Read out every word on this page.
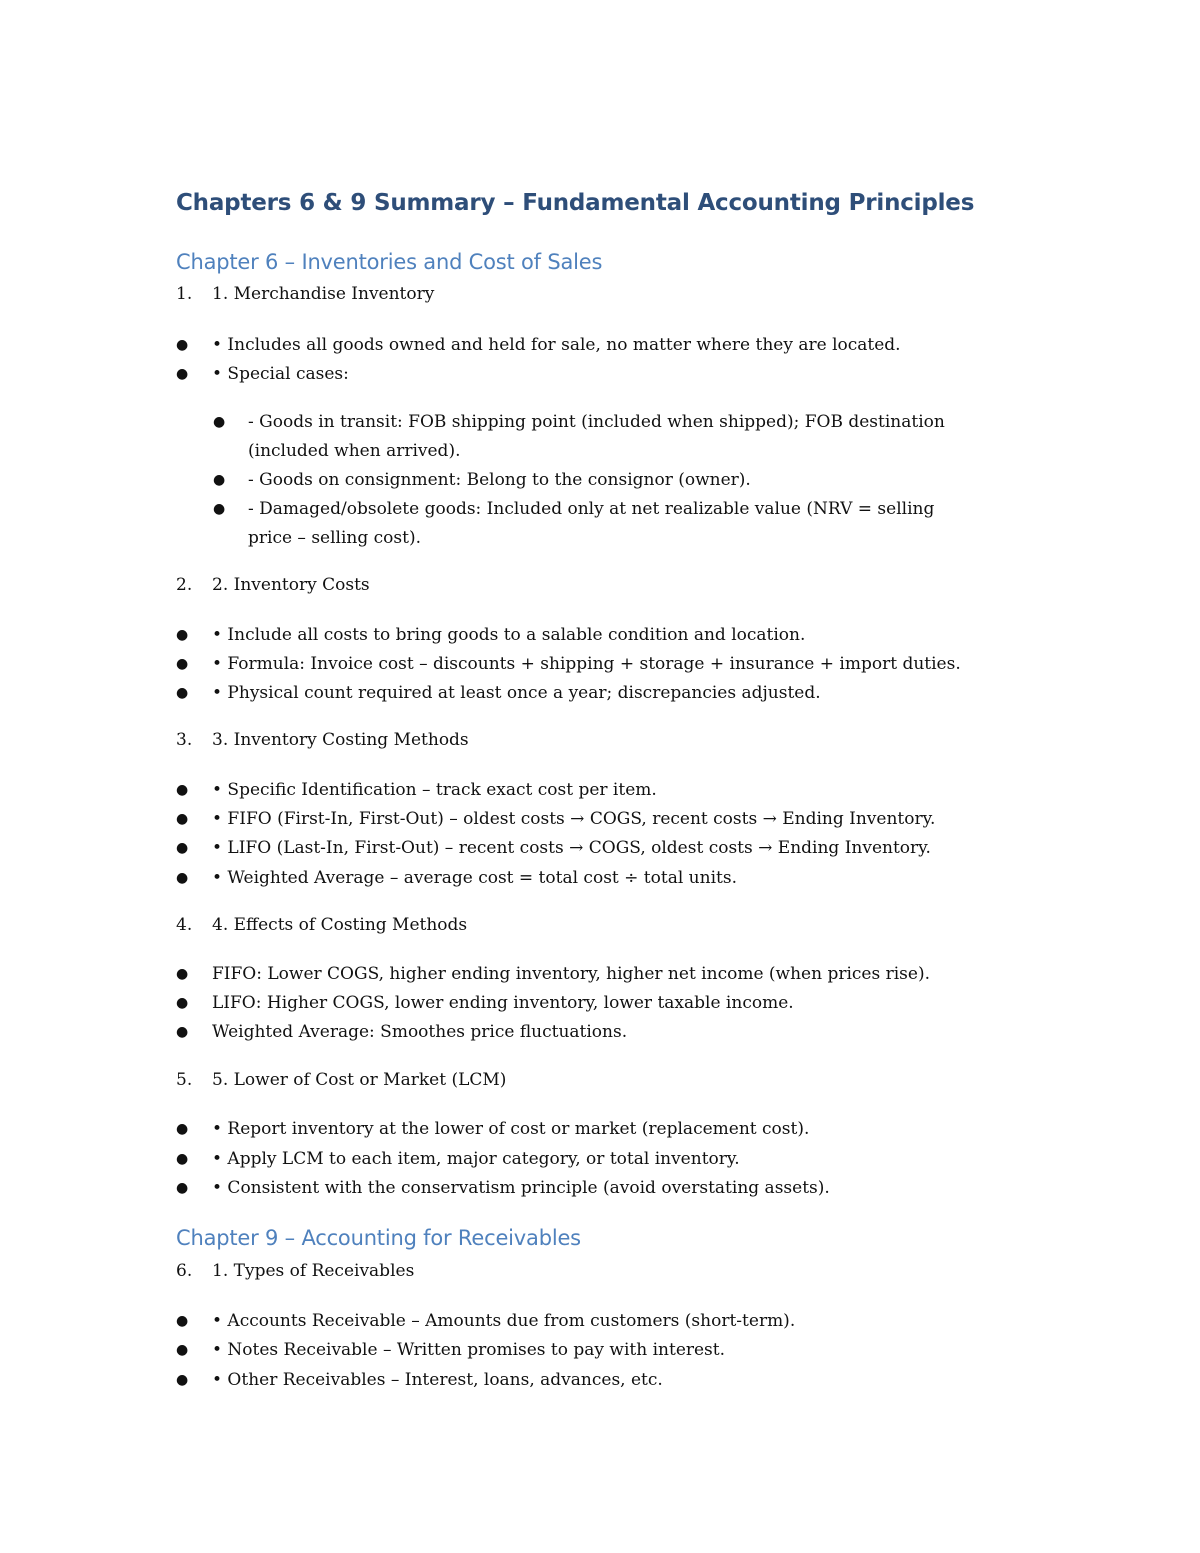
Chapters 6 & 9 Summary – Fundamental Accounting Principles
Chapter 6 – Inventories and Cost of Sales
1. 1. Merchandise Inventory
● • Includes all goods owned and held for sale, no matter where they are located.
● • Special cases:
● - Goods in transit: FOB shipping point (included when shipped); FOB destination
(included when arrived).
● - Goods on consignment: Belong to the consignor (owner).
● - Damaged/obsolete goods: Included only at net realizable value (NRV = selling
price – selling cost).
2. 2. Inventory Costs
● • Include all costs to bring goods to a salable condition and location.
● • Formula: Invoice cost – discounts + shipping + storage + insurance + import duties.
● • Physical count required at least once a year; discrepancies adjusted.
3. 3. Inventory Costing Methods
● • Specific Identification – track exact cost per item.
● • FIFO (First-In, First-Out) – oldest costs → COGS, recent costs → Ending Inventory.
● • LIFO (Last-In, First-Out) – recent costs → COGS, oldest costs → Ending Inventory.
● • Weighted Average – average cost = total cost ÷ total units.
4. 4. Effects of Costing Methods
● FIFO: Lower COGS, higher ending inventory, higher net income (when prices rise).
● LIFO: Higher COGS, lower ending inventory, lower taxable income.
● Weighted Average: Smoothes price fluctuations.
5. 5. Lower of Cost or Market (LCM)
● • Report inventory at the lower of cost or market (replacement cost).
● • Apply LCM to each item, major category, or total inventory.
● • Consistent with the conservatism principle (avoid overstating assets).
Chapter 9 – Accounting for Receivables
6. 1. Types of Receivables
● • Accounts Receivable – Amounts due from customers (short-term).
● • Notes Receivable – Written promises to pay with interest.
● • Other Receivables – Interest, loans, advances, etc.
